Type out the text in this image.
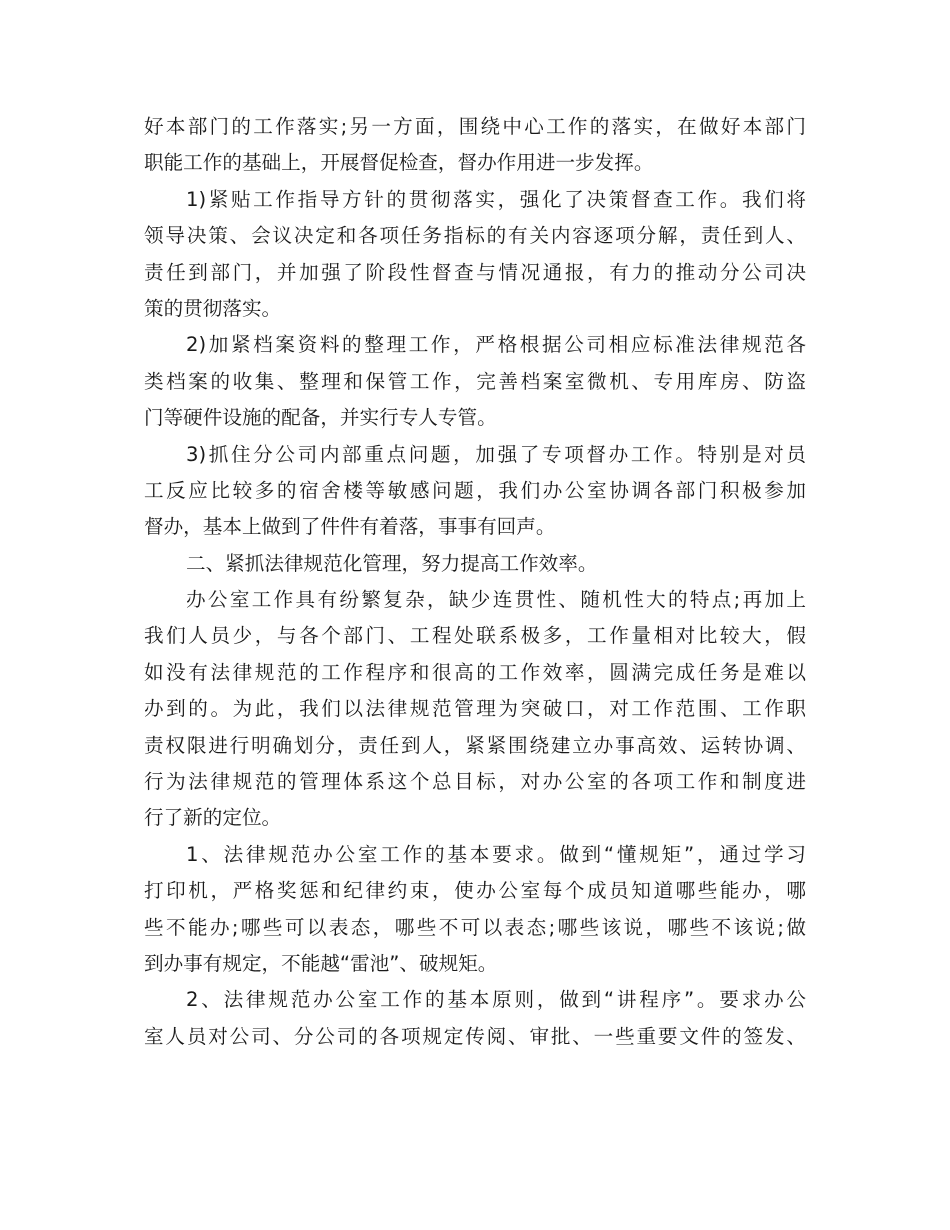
好本部门的工作落实;另一方面，围绕中心工作的落实，在做好本部门
职能工作的基础上，开展督促检查，督办作用进一步发挥。
1)紧贴工作指导方针的贯彻落实，强化了决策督查工作。我们将
领导决策、会议决定和各项任务指标的有关内容逐项分解，责任到人、
责任到部门，并加强了阶段性督查与情况通报，有力的推动分公司决
策的贯彻落实。
2)加紧档案资料的整理工作，严格根据公司相应标准法律规范各
类档案的收集、整理和保管工作，完善档案室微机、专用库房、防盗
门等硬件设施的配备，并实行专人专管。
3)抓住分公司内部重点问题，加强了专项督办工作。特别是对员
工反应比较多的宿舍楼等敏感问题，我们办公室协调各部门积极参加
督办，基本上做到了件件有着落，事事有回声。
二、紧抓法律规范化管理，努力提高工作效率。
办公室工作具有纷繁复杂，缺少连贯性、随机性大的特点;再加上
我们人员少，与各个部门、工程处联系极多，工作量相对比较大，假
如没有法律规范的工作程序和很高的工作效率，圆满完成任务是难以
办到的。为此，我们以法律规范管理为突破口，对工作范围、工作职
责权限进行明确划分，责任到人，紧紧围绕建立办事高效、运转协调、
行为法律规范的管理体系这个总目标，对办公室的各项工作和制度进
行了新的定位。
1、法律规范办公室工作的基本要求。做到“懂规矩”，通过学习
打印机，严格奖惩和纪律约束，使办公室每个成员知道哪些能办，哪
些不能办;哪些可以表态，哪些不可以表态;哪些该说，哪些不该说;做
到办事有规定，不能越“雷池”、破规矩。
2、法律规范办公室工作的基本原则，做到“讲程序”。要求办公
室人员对公司、分公司的各项规定传阅、审批、一些重要文件的签发、
